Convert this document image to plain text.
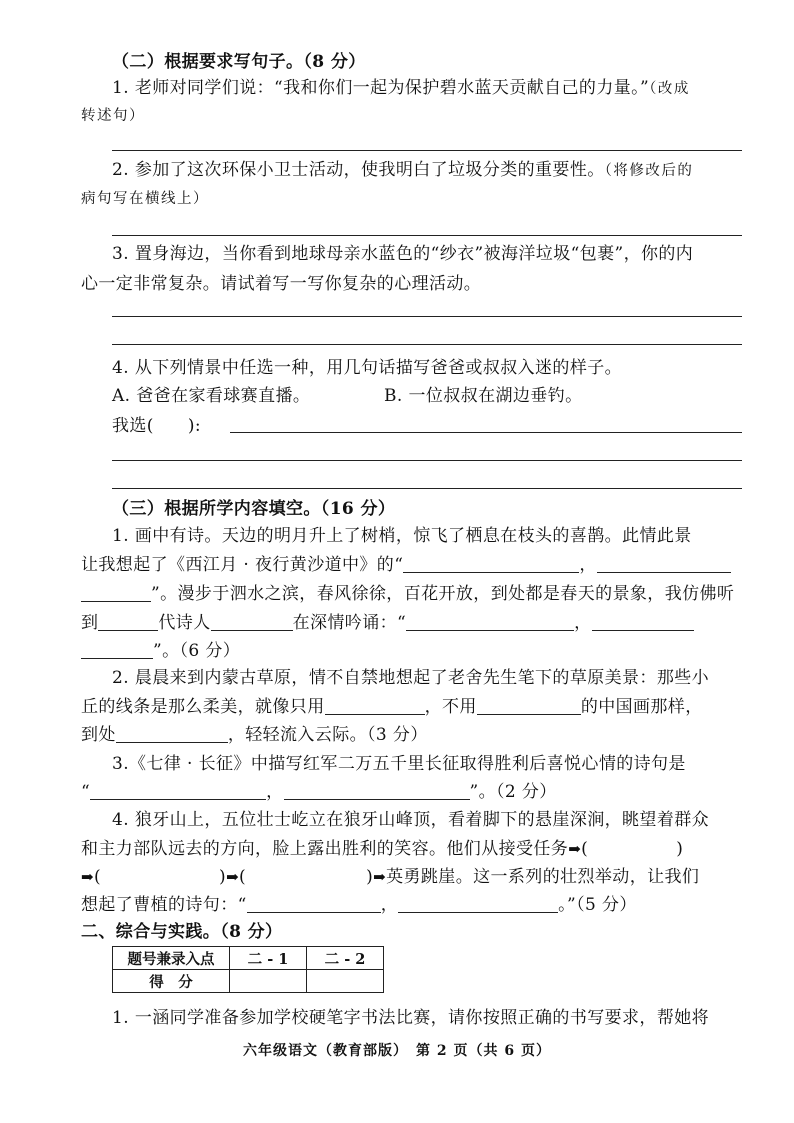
（二）根据要求写句子。（8 分）
1. 老师对同学们说：“我和你们一起为保护碧水蓝天贡献自己的力量。”（改成
转述句）
2. 参加了这次环保小卫士活动，使我明白了垃圾分类的重要性。（将修改后的
病句写在横线上）
3. 置身海边，当你看到地球母亲水蓝色的“纱衣”被海洋垃圾“包裹”，你的内
心一定非常复杂。请试着写一写你复杂的心理活动。
4. 从下列情景中任选一种，用几句话描写爸爸或叔叔入迷的样子。
A. 爸爸在家看球赛直播。	B. 一位叔叔在湖边垂钓。
我选( ):
（三）根据所学内容填空。（16 分）
1. 画中有诗。天边的明月升上了树梢，惊飞了栖息在枝头的喜鹊。此情此景
让我想起了《西江月 · 夜行黄沙道中》的“	，
”。漫步于泗水之滨，春风徐徐，百花开放，到处都是春天的景象，我仿佛听
到	代诗人	在深情吟诵：“	，
”。（6 分）
2. 晨晨来到内蒙古草原，情不自禁地想起了老舍先生笔下的草原美景：那些小
丘的线条是那么柔美，就像只用	，不用	的中国画那样，
到处	，轻轻流入云际。（3 分）
3.《七律 · 长征》中描写红军二万五千里长征取得胜利后喜悦心情的诗句是
“	，	”。（2 分）
4. 狼牙山上，五位壮士屹立在狼牙山峰顶，看着脚下的悬崖深涧，眺望着群众
和主力部队远去的方向，脸上露出胜利的笑容。他们从接受任务➡(	)
➡(	)➡(	)➡英勇跳崖。这一系列的壮烈举动，让我们
想起了曹植的诗句：“	，	。”（5 分）
二、综合与实践。（8 分）
题号兼录入点	二 - 1	二 - 2
得　分		
1. 一涵同学准备参加学校硬笔字书法比赛，请你按照正确的书写要求，帮她将
六年级语文（教育部版）　第 2 页（共 6 页）
